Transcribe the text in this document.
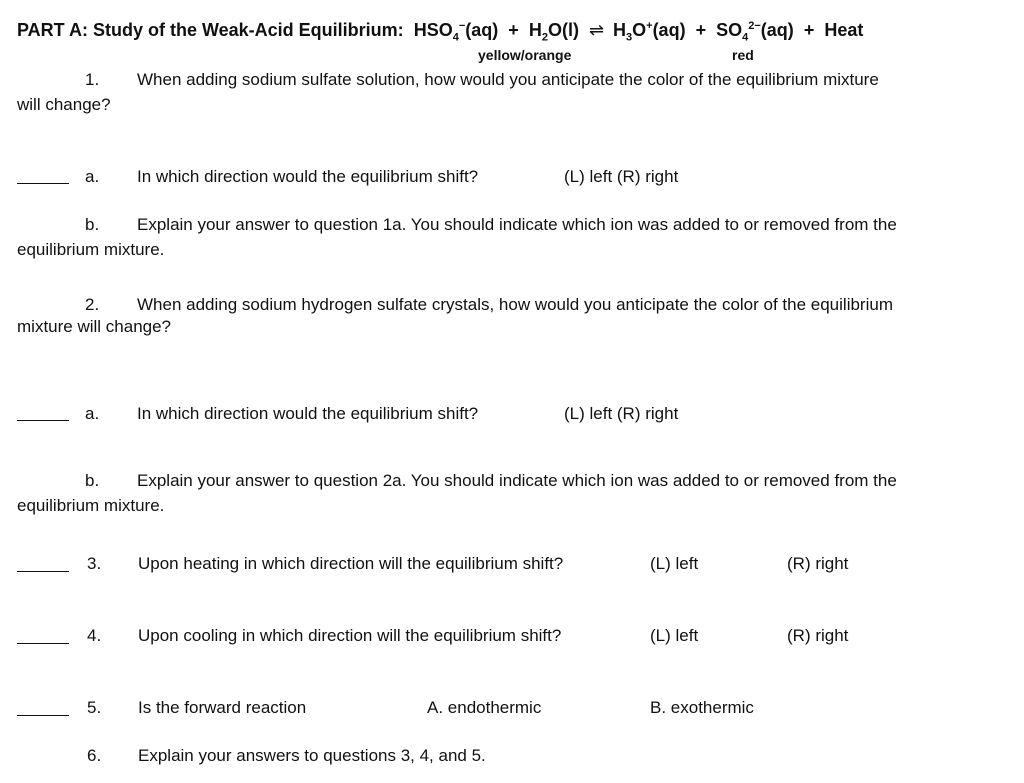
PART A: Study of the Weak-Acid Equilibrium: $HSO_4^-(aq) + H_2O(l)$ ⇌ $H_3O^+(aq) + SO_4^{2-}(aq)$ + Heat
yellow/orange	red
1. When adding sodium sulfate solution, how would you anticipate the color of the equilibrium mixture
will change?
a. In which direction would the equilibrium shift?	(L) left (R) right
b. Explain your answer to question 1a. You should indicate which ion was added to or removed from the
equilibrium mixture.
2. When adding sodium hydrogen sulfate crystals, how would you anticipate the color of the equilibrium
mixture will change?
a. In which direction would the equilibrium shift?	(L) left (R) right
b. Explain your answer to question 2a. You should indicate which ion was added to or removed from the
equilibrium mixture.
3. Upon heating in which direction will the equilibrium shift?	(L) left	(R) right
4. Upon cooling in which direction will the equilibrium shift?	(L) left	(R) right
5. Is the forward reaction	A. endothermic	B. exothermic
6. Explain your answers to questions 3, 4, and 5.
